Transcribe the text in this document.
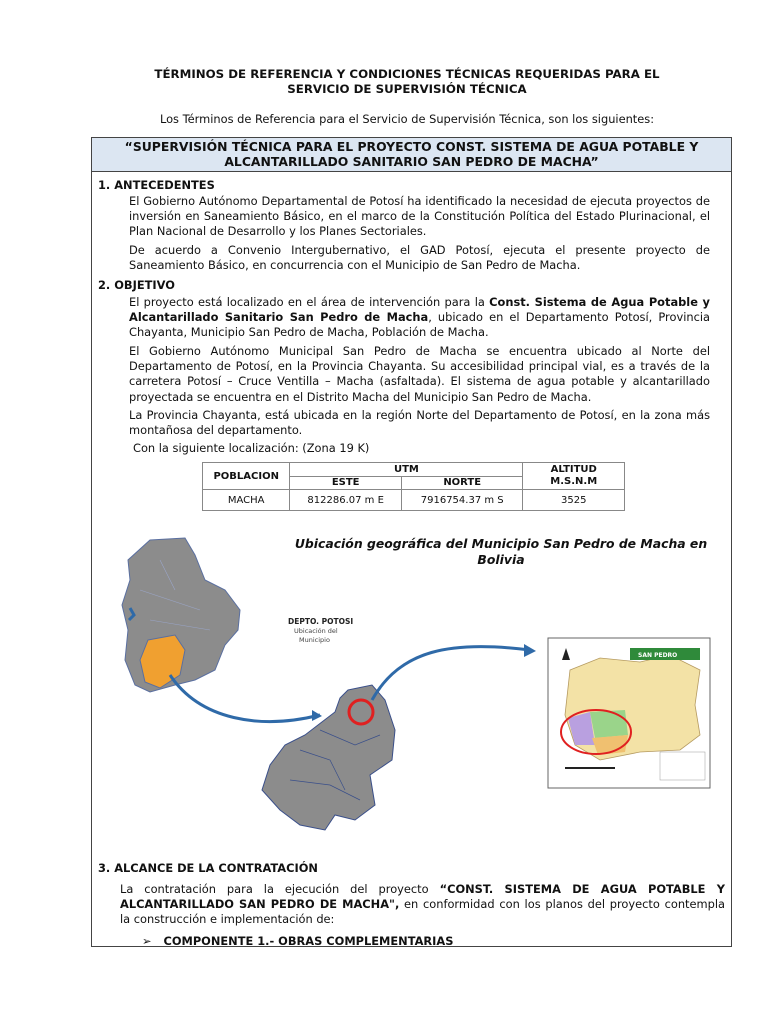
TÉRMINOS DE REFERENCIA Y CONDICIONES TÉCNICAS REQUERIDAS PARA EL
SERVICIO DE SUPERVISIÓN TÉCNICA
Los Términos de Referencia para el Servicio de Supervisión Técnica, son los siguientes:
“SUPERVISIÓN TÉCNICA PARA EL PROYECTO CONST. SISTEMA DE AGUA POTABLE Y
ALCANTARILLADO SANITARIO SAN PEDRO DE MACHA”
1. ANTECEDENTES
El Gobierno Autónomo Departamental de Potosí ha identificado la necesidad de ejecuta proyectos de inversión en Saneamiento Básico, en el marco de la Constitución Política del Estado Plurinacional, el Plan Nacional de Desarrollo y los Planes Sectoriales.
De acuerdo a Convenio Intergubernativo, el GAD Potosí, ejecuta el presente proyecto de Saneamiento Básico, en concurrencia con el Municipio de San Pedro de Macha.
2. OBJETIVO
El proyecto está localizado en el área de intervención para la Const. Sistema de Agua Potable y Alcantarillado Sanitario San Pedro de Macha, ubicado en el Departamento Potosí, Provincia Chayanta, Municipio San Pedro de Macha, Población de Macha.
El Gobierno Autónomo Municipal San Pedro de Macha se encuentra ubicado al Norte del Departamento de Potosí, en la Provincia Chayanta. Su accesibilidad principal vial, es a través de la carretera Potosí – Cruce Ventilla – Macha (asfaltada). El sistema de agua potable y alcantarillado proyectada se encuentra en el Distrito Macha del Municipio San Pedro de Macha.
La Provincia Chayanta, está ubicada en la región Norte del Departamento de Potosí, en la zona más montañosa del departamento.
Con la siguiente localización: (Zona 19 K)
POBLACION	UTM		ALTITUD
M.S.N.M

	ESTE	NORTE	
MACHA	812286.07 m E	7916754.37 m S	3525
Ubicación geográfica del Municipio San Pedro de Macha en
Bolivia
3. ALCANCE DE LA CONTRATACIÓN
La contratación para la ejecución del proyecto “CONST. SISTEMA DE AGUA POTABLE Y ALCANTARILLADO SAN PEDRO DE MACHA", en conformidad con los planos del proyecto contempla la construcción e implementación de:
➢ COMPONENTE 1.- OBRAS COMPLEMENTARIAS
DEPTO. POTOSI
Ubicación del
Municipio
SAN PEDRO
